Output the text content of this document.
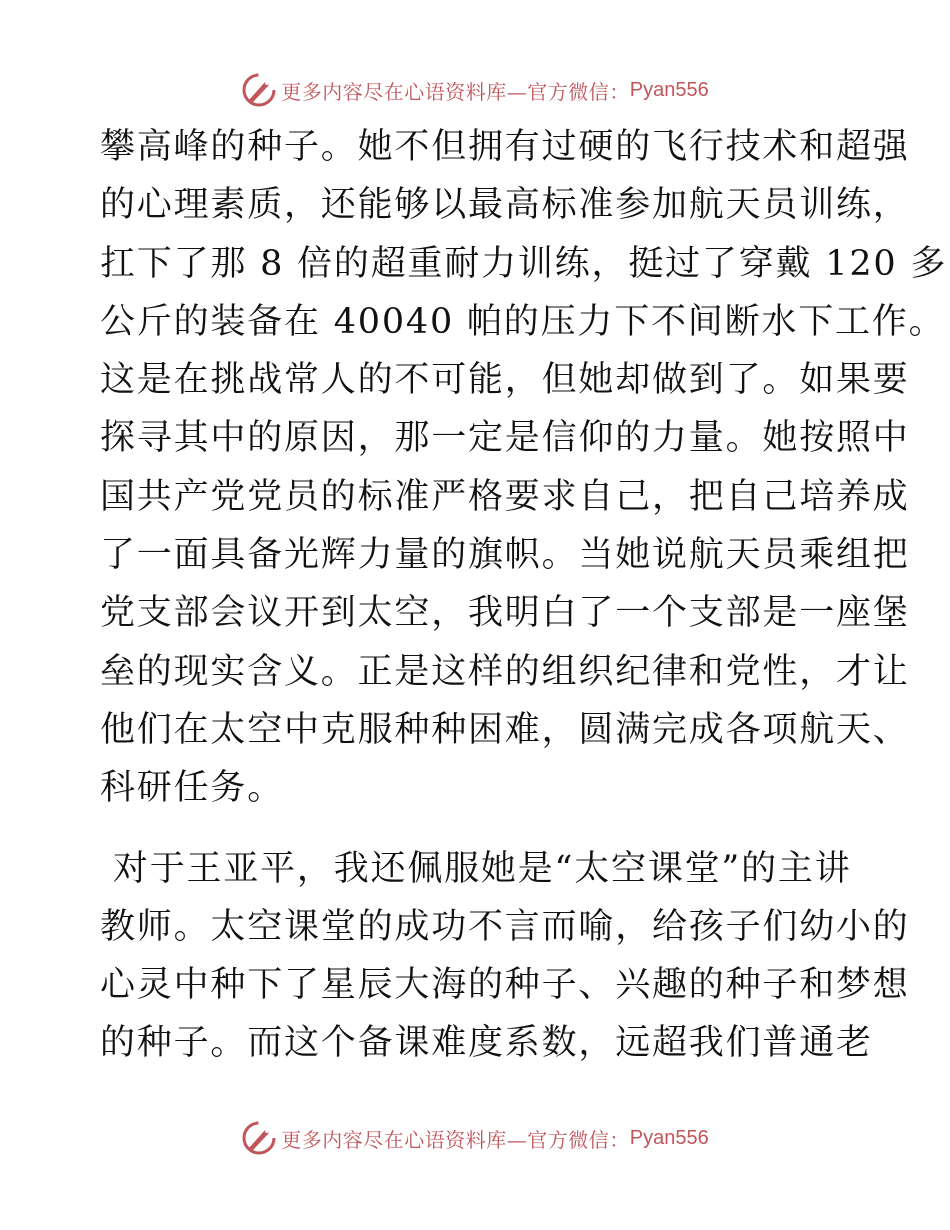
更多内容尽在心语资料库—官方微信： Pyan556
攀高峰的种子。她不但拥有过硬的飞行技术和超强
的心理素质，还能够以最高标准参加航天员训练，
扛下了那 8 倍的超重耐力训练，挺过了穿戴 120 多
公斤的装备在 40040 帕的压力下不间断水下工作。
这是在挑战常人的不可能，但她却做到了。如果要
探寻其中的原因，那一定是信仰的力量。她按照中
国共产党党员的标准严格要求自己，把自己培养成
了一面具备光辉力量的旗帜。当她说航天员乘组把
党支部会议开到太空，我明白了一个支部是一座堡
垒的现实含义。正是这样的组织纪律和党性，才让
他们在太空中克服种种困难，圆满完成各项航天、
科研任务。
对于王亚平，我还佩服她是“太空课堂”的主讲
教师。太空课堂的成功不言而喻，给孩子们幼小的
心灵中种下了星辰大海的种子、兴趣的种子和梦想
的种子。而这个备课难度系数，远超我们普通老
更多内容尽在心语资料库—官方微信： Pyan556
